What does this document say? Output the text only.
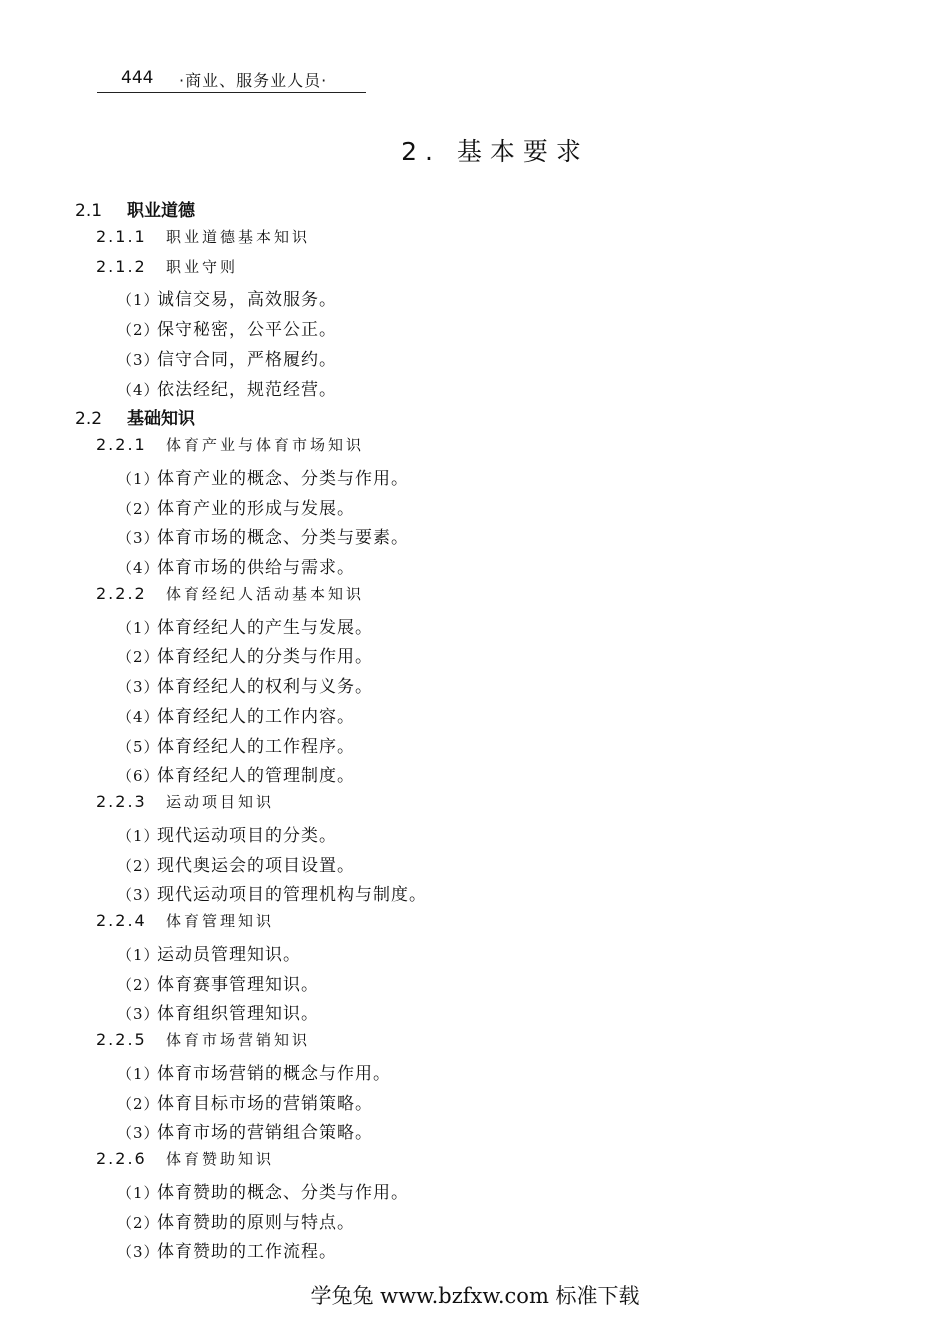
444 ·商业、服务业人员·
2. 基本要求
2.1 职业道德
2.1.1 职业道德基本知识
2.1.2 职业守则
（1）诚信交易，高效服务。
（2）保守秘密，公平公正。
（3）信守合同，严格履约。
（4）依法经纪，规范经营。
2.2 基础知识
2.2.1 体育产业与体育市场知识
（1）体育产业的概念、分类与作用。
（2）体育产业的形成与发展。
（3）体育市场的概念、分类与要素。
（4）体育市场的供给与需求。
2.2.2 体育经纪人活动基本知识
（1）体育经纪人的产生与发展。
（2）体育经纪人的分类与作用。
（3）体育经纪人的权利与义务。
（4）体育经纪人的工作内容。
（5）体育经纪人的工作程序。
（6）体育经纪人的管理制度。
2.2.3 运动项目知识
（1）现代运动项目的分类。
（2）现代奥运会的项目设置。
（3）现代运动项目的管理机构与制度。
2.2.4 体育管理知识
（1）运动员管理知识。
（2）体育赛事管理知识。
（3）体育组织管理知识。
2.2.5 体育市场营销知识
（1）体育市场营销的概念与作用。
（2）体育目标市场的营销策略。
（3）体育市场的营销组合策略。
2.2.6 体育赞助知识
（1）体育赞助的概念、分类与作用。
（2）体育赞助的原则与特点。
（3）体育赞助的工作流程。
学兔兔 www.bzfxw.com 标准下载
